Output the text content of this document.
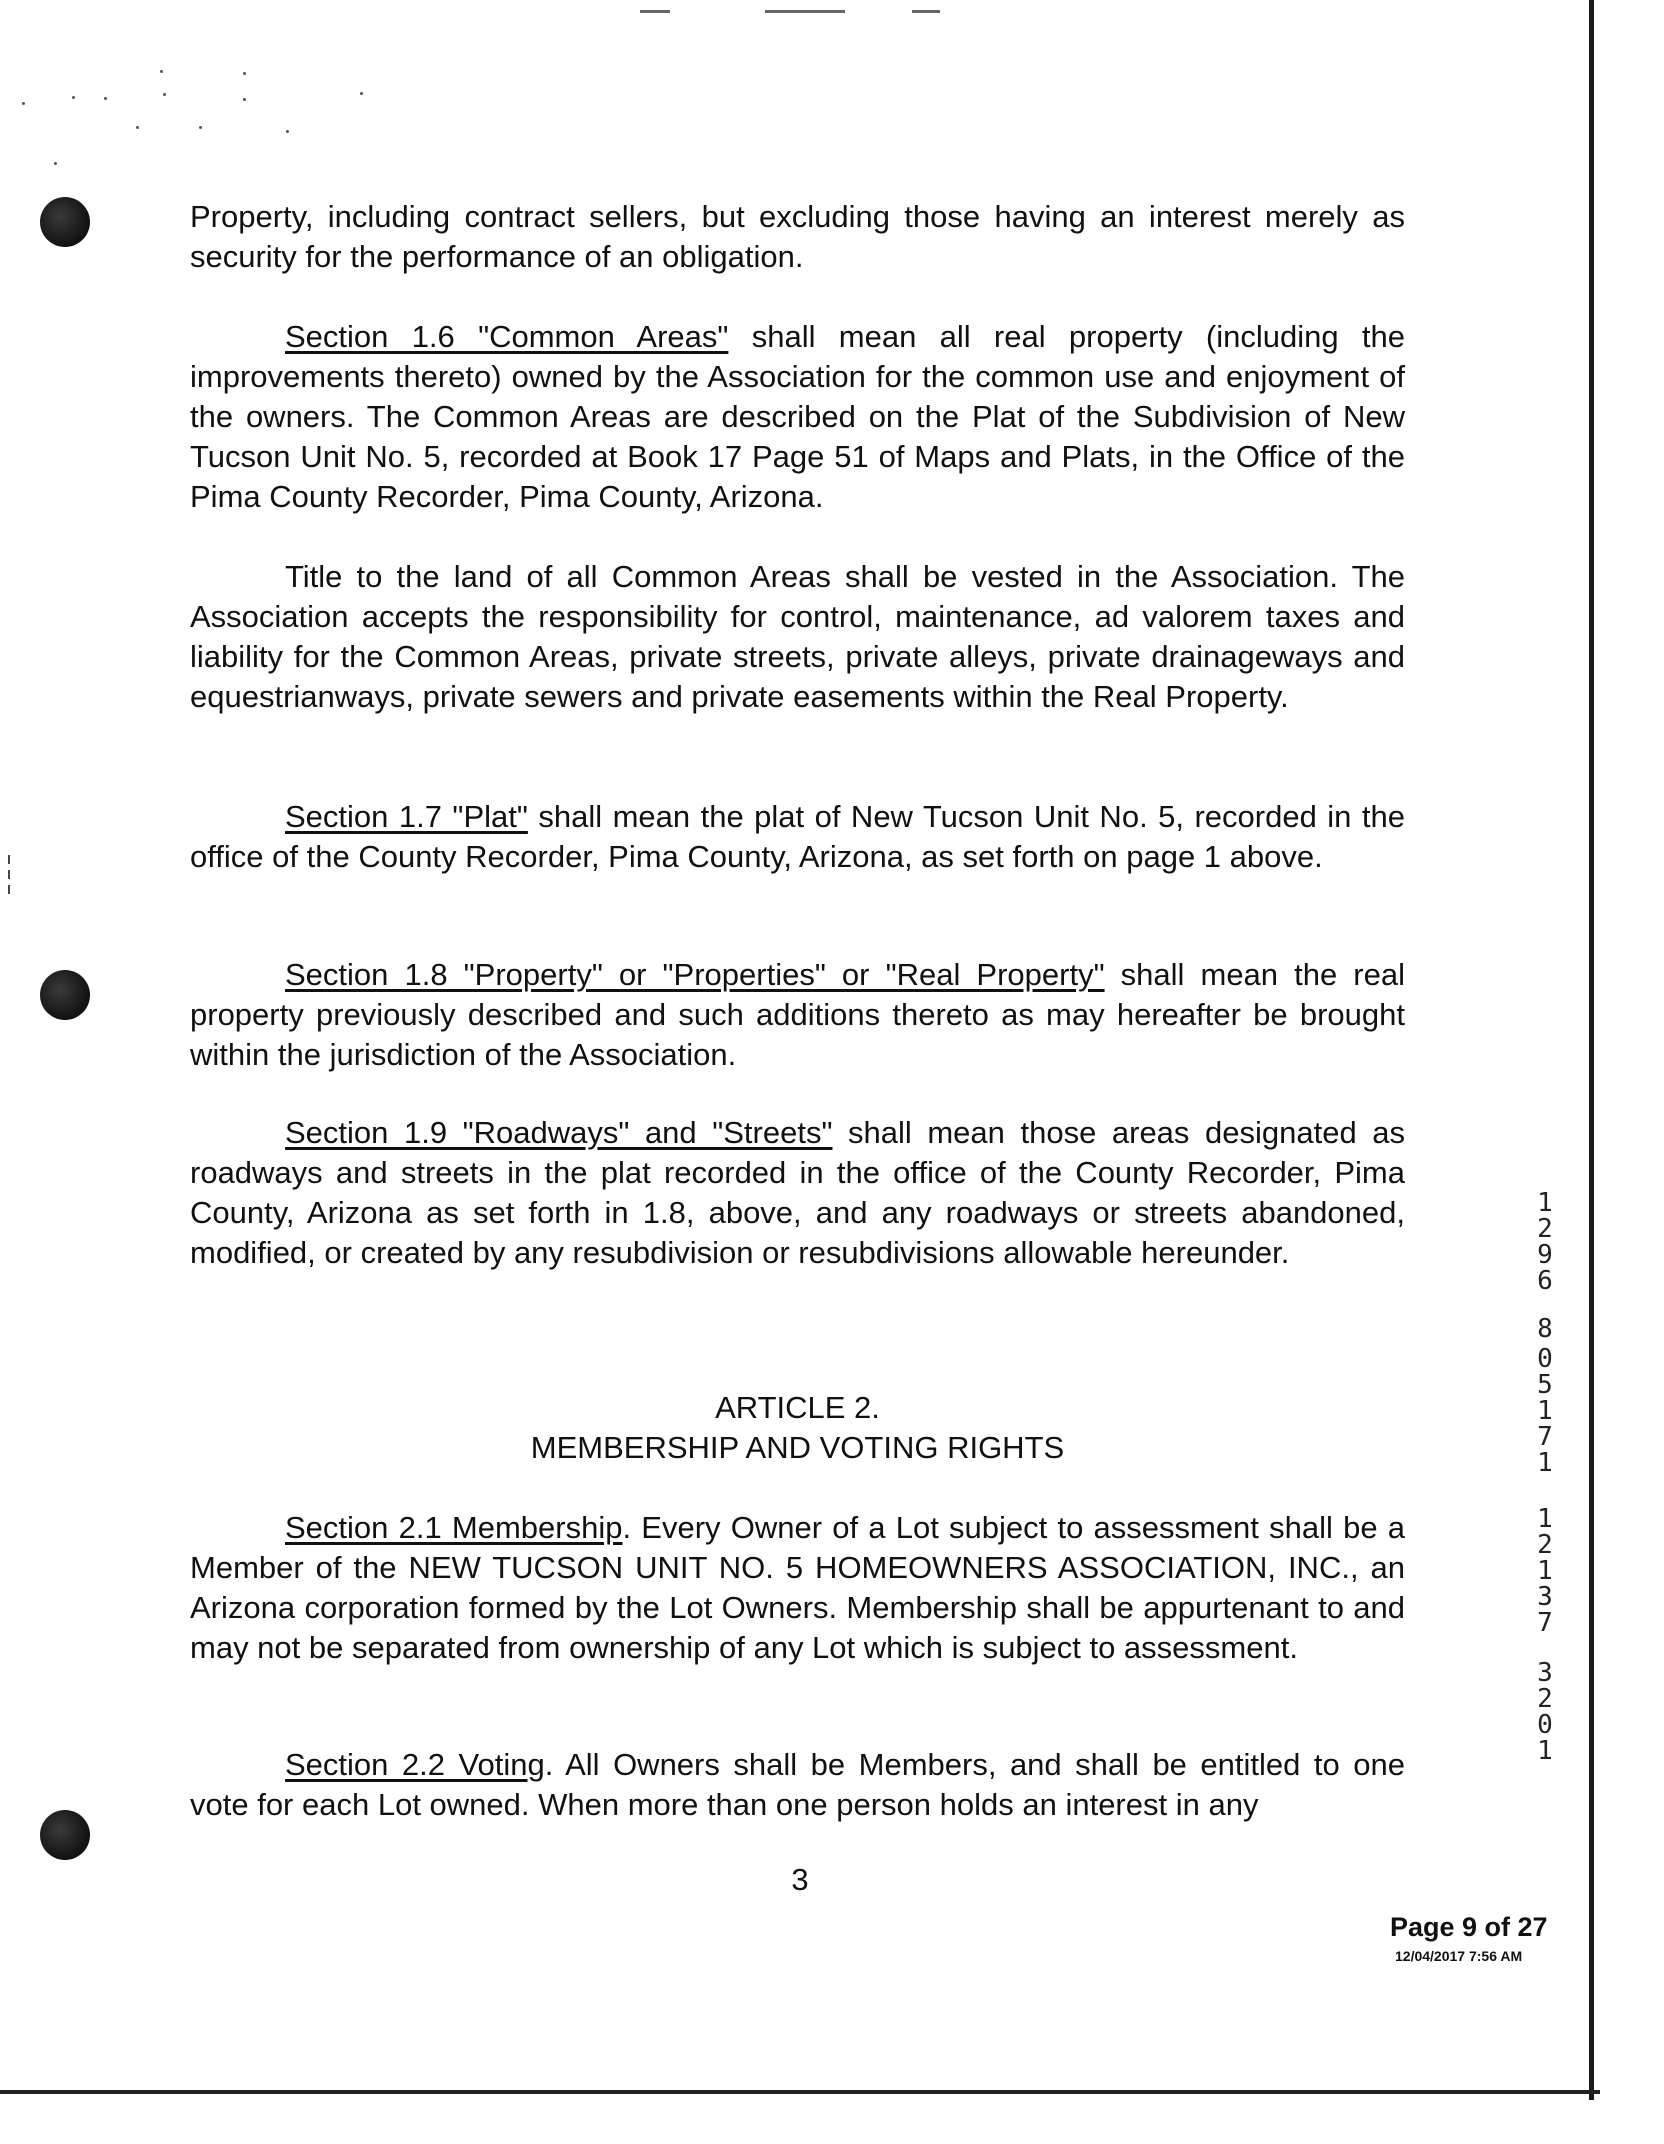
Property, including contract sellers, but excluding those having an interest merely as security for the performance of an obligation.
Section 1.6 "Common Areas" shall mean all real property (including the improvements thereto) owned by the Association for the common use and enjoyment of the owners. The Common Areas are described on the Plat of the Subdivision of New Tucson Unit No. 5, recorded at Book 17 Page 51 of Maps and Plats, in the Office of the Pima County Recorder, Pima County, Arizona.
Title to the land of all Common Areas shall be vested in the Association. The Association accepts the responsibility for control, maintenance, ad valorem taxes and liability for the Common Areas, private streets, private alleys, private drainageways and equestrianways, private sewers and private easements within the Real Property.
Section 1.7 "Plat" shall mean the plat of New Tucson Unit No. 5, recorded in the office of the County Recorder, Pima County, Arizona, as set forth on page 1 above.
Section 1.8 "Property" or "Properties" or "Real Property" shall mean the real property previously described and such additions thereto as may hereafter be brought within the jurisdiction of the Association.
Section 1.9 "Roadways" and "Streets" shall mean those areas designated as roadways and streets in the plat recorded in the office of the County Recorder, Pima County, Arizona as set forth in 1.8, above, and any roadways or streets abandoned, modified, or created by any resubdivision or resubdivisions allowable hereunder.
ARTICLE 2.
MEMBERSHIP AND VOTING RIGHTS
Section 2.1 Membership. Every Owner of a Lot subject to assessment shall be a Member of the NEW TUCSON UNIT NO. 5 HOMEOWNERS ASSOCIATION, INC., an Arizona corporation formed by the Lot Owners. Membership shall be appurtenant to and may not be separated from ownership of any Lot which is subject to assessment.
Section 2.2 Voting. All Owners shall be Members, and shall be entitled to one vote for each Lot owned. When more than one person holds an interest in any
3
Page 9 of 27
12/04/2017 7:56 AM
1
2
9
6
8
0
5
1
7
1
1
2
1
3
7
3
2
0
1
